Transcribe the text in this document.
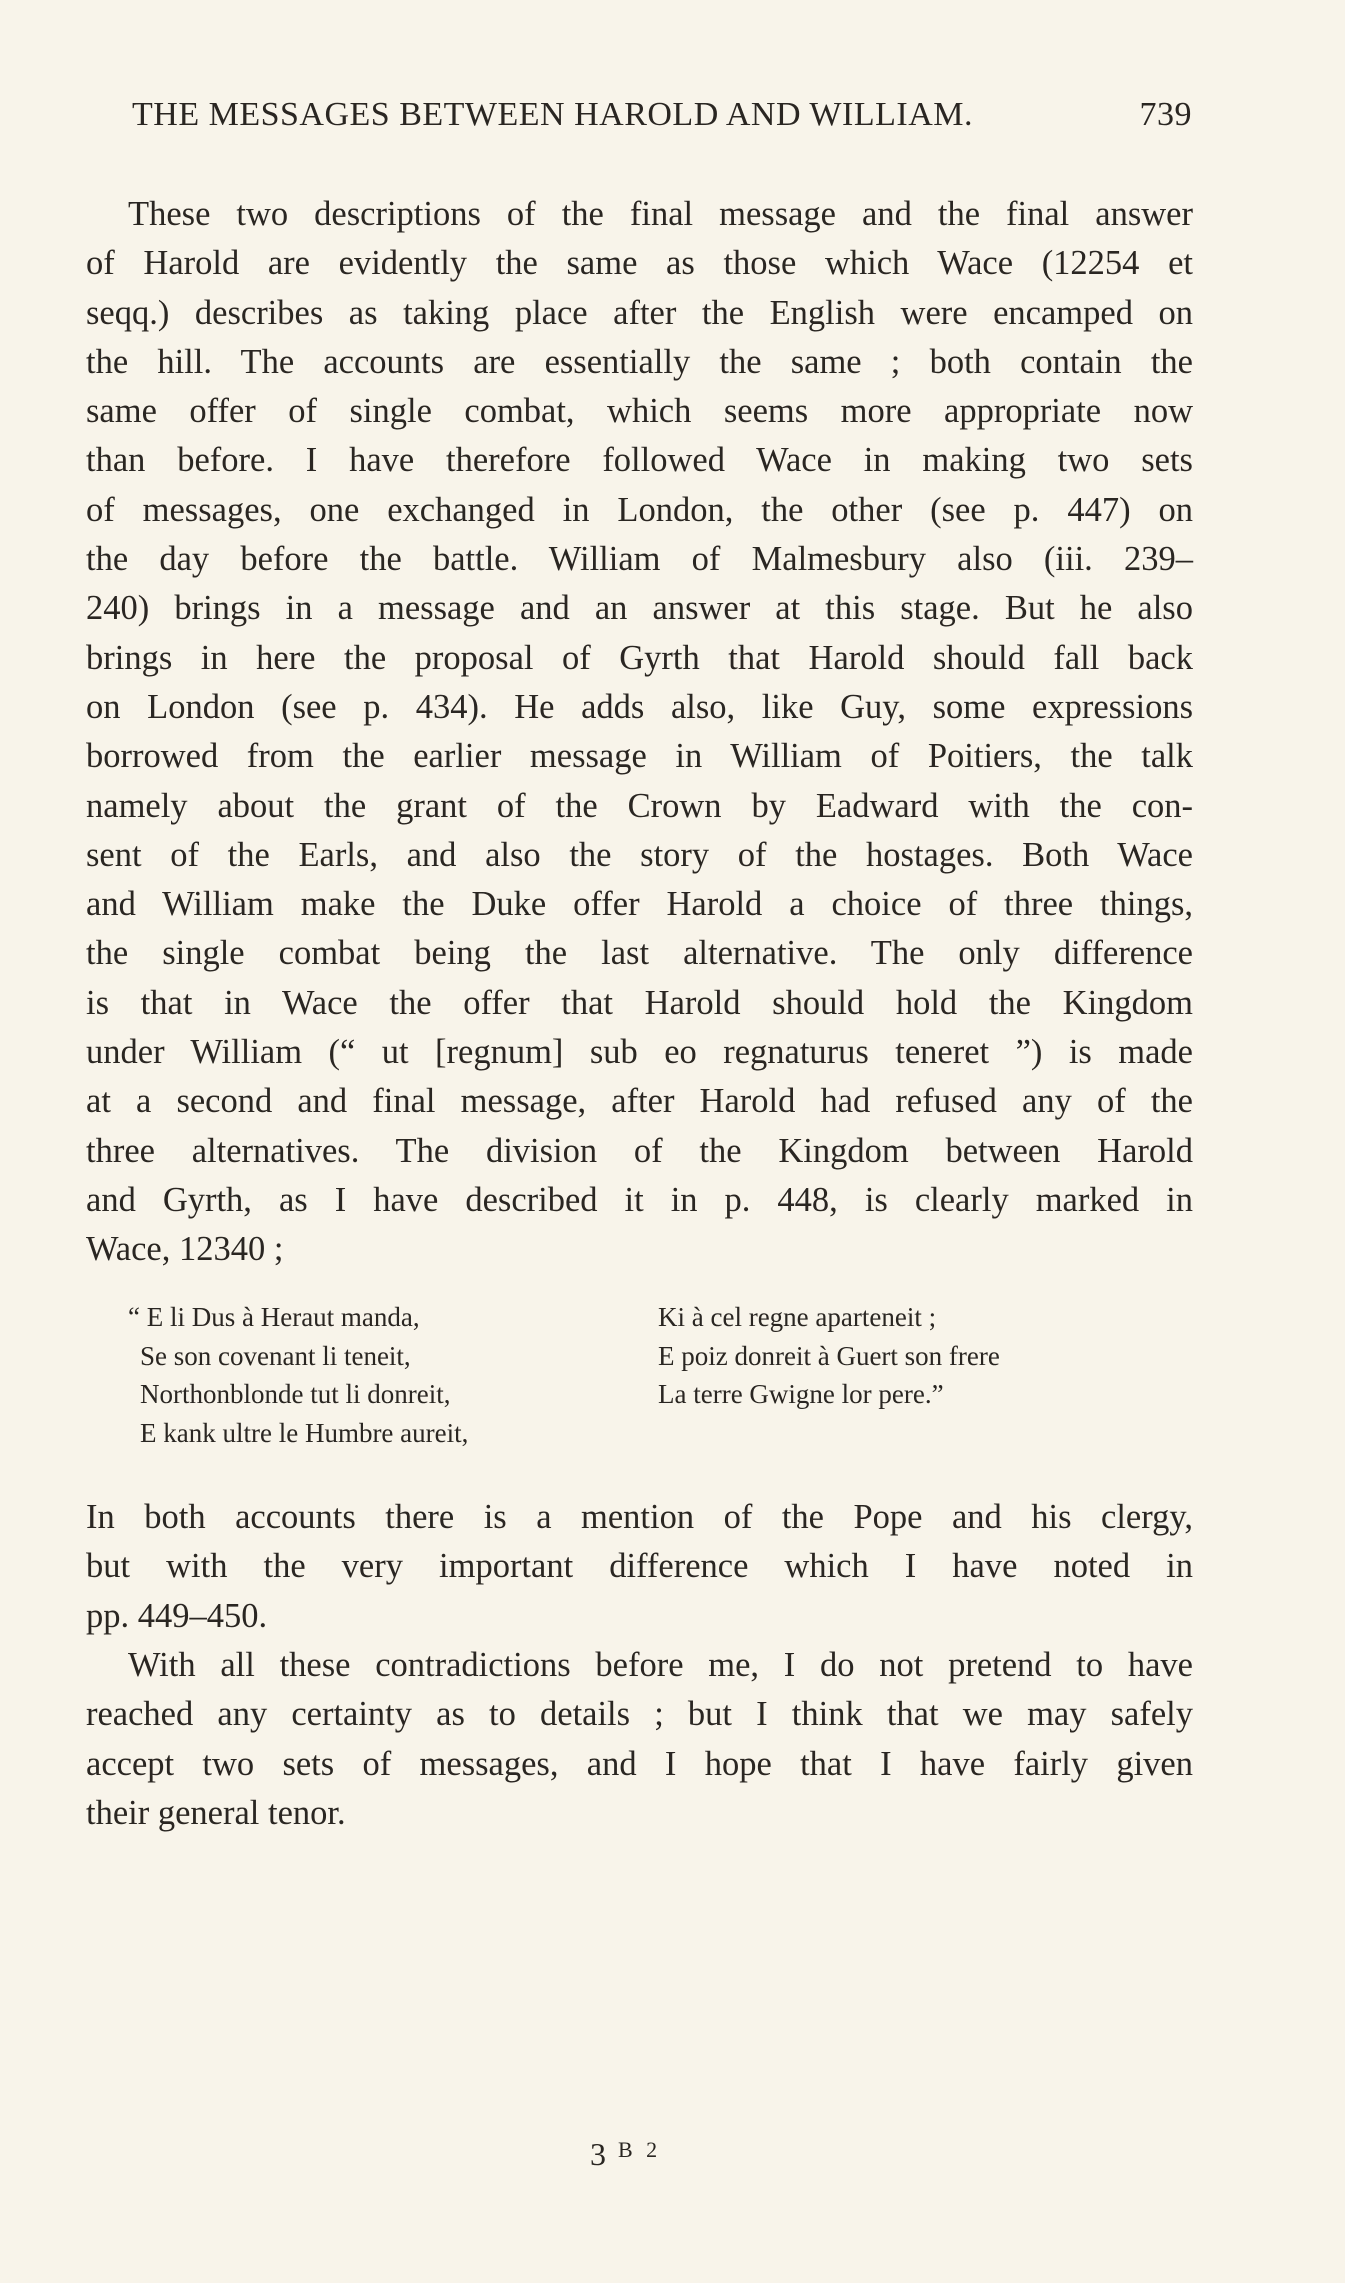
THE MESSAGES BETWEEN HAROLD AND WILLIAM.	739
These two descriptions of the final message and the final answer
of Harold are evidently the same as those which Wace (12254 et
seqq.) describes as taking place after the English were encamped on
the hill. The accounts are essentially the same ; both contain the
same offer of single combat, which seems more appropriate now
than before. I have therefore followed Wace in making two sets
of messages, one exchanged in London, the other (see p. 447) on
the day before the battle. William of Malmesbury also (iii. 239–
240) brings in a message and an answer at this stage. But he also
brings in here the proposal of Gyrth that Harold should fall back
on London (see p. 434). He adds also, like Guy, some expressions
borrowed from the earlier message in William of Poitiers, the talk
namely about the grant of the Crown by Eadward with the con-
sent of the Earls, and also the story of the hostages. Both Wace
and William make the Duke offer Harold a choice of three things,
the single combat being the last alternative. The only difference
is that in Wace the offer that Harold should hold the Kingdom
under William (“ ut [regnum] sub eo regnaturus teneret ”) is made
at a second and final message, after Harold had refused any of the
three alternatives. The division of the Kingdom between Harold
and Gyrth, as I have described it in p. 448, is clearly marked in
Wace, 12340 ;
“ E li Dus à Heraut manda,
Se son covenant li teneit,
Northonblonde tut li donreit,
E kank ultre le Humbre aureit,
Ki à cel regne aparteneit ;
E poiz donreit à Guert son frere
La terre Gwigne lor pere.”
In both accounts there is a mention of the Pope and his clergy,
but with the very important difference which I have noted in
pp. 449–450.
With all these contradictions before me, I do not pretend to have
reached any certainty as to details ; but I think that we may safely
accept two sets of messages, and I hope that I have fairly given
their general tenor.
3 $^{B 2}$
